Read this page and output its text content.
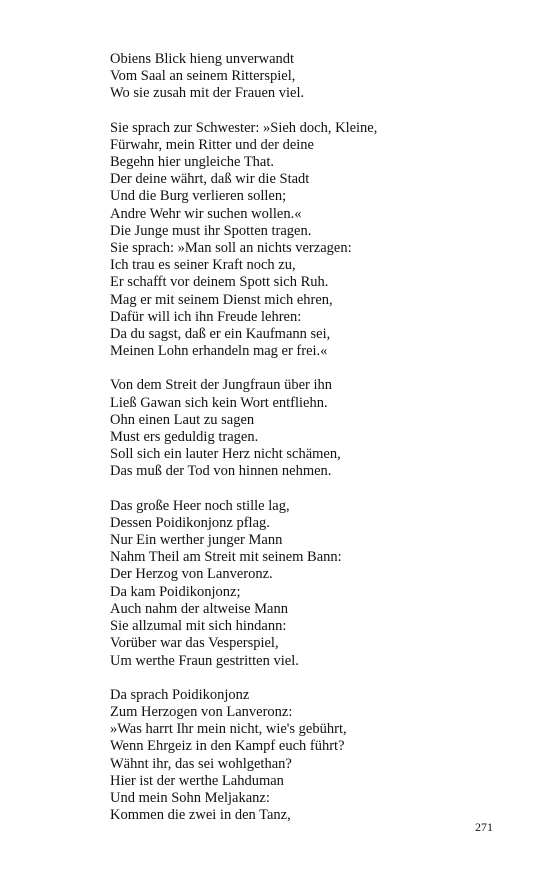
Obiens Blick hieng unverwandt
Vom Saal an seinem Ritterspiel,
Wo sie zusah mit der Frauen viel.
Sie sprach zur Schwester: »Sieh doch, Kleine,
Fürwahr, mein Ritter und der deine
Begehn hier ungleiche That.
Der deine währt, daß wir die Stadt
Und die Burg verlieren sollen;
Andre Wehr wir suchen wollen.«
Die Junge must ihr Spotten tragen.
Sie sprach: »Man soll an nichts verzagen:
Ich trau es seiner Kraft noch zu,
Er schafft vor deinem Spott sich Ruh.
Mag er mit seinem Dienst mich ehren,
Dafür will ich ihn Freude lehren:
Da du sagst, daß er ein Kaufmann sei,
Meinen Lohn erhandeln mag er frei.«
Von dem Streit der Jungfraun über ihn
Ließ Gawan sich kein Wort entfliehn.
Ohn einen Laut zu sagen
Must ers geduldig tragen.
Soll sich ein lauter Herz nicht schämen,
Das muß der Tod von hinnen nehmen.
Das große Heer noch stille lag,
Dessen Poidikonjonz pflag.
Nur Ein werther junger Mann
Nahm Theil am Streit mit seinem Bann:
Der Herzog von Lanveronz.
Da kam Poidikonjonz;
Auch nahm der altweise Mann
Sie allzumal mit sich hindann:
Vorüber war das Vesperspiel,
Um werthe Fraun gestritten viel.
Da sprach Poidikonjonz
Zum Herzogen von Lanveronz:
»Was harrt Ihr mein nicht, wie's gebührt,
Wenn Ehrgeiz in den Kampf euch führt?
Wähnt ihr, das sei wohlgethan?
Hier ist der werthe Lahduman
Und mein Sohn Meljakanz:
Kommen die zwei in den Tanz,
271
